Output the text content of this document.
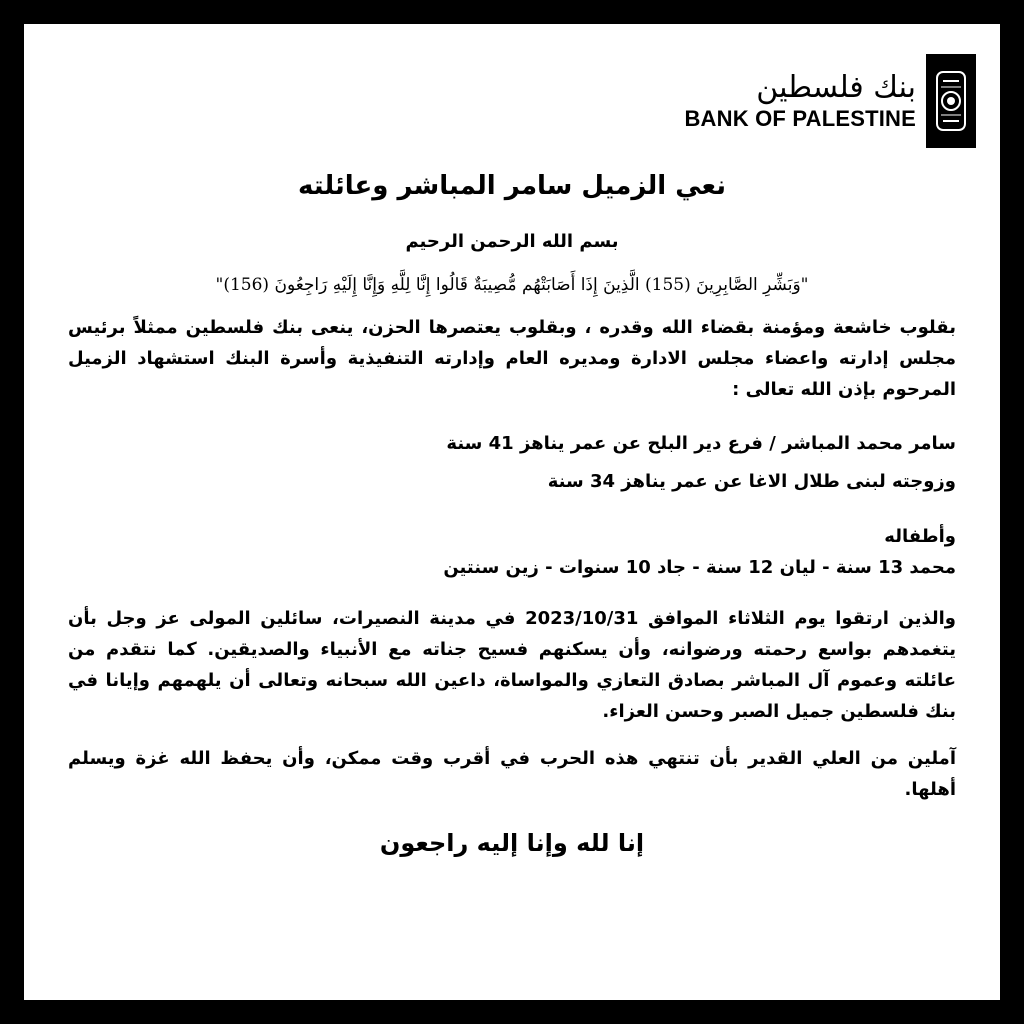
بنك فلسطين
BANK OF PALESTINE
نعي الزميل سامر المباشر وعائلته

بسم الله الرحمن الرحيم

"وَبَشِّرِ الصَّابِرِينَ (155) الَّذِينَ إِذَا أَصَابَتْهُم مُّصِيبَةٌ قَالُوا إِنَّا لِلَّهِ وَإِنَّا إِلَيْهِ رَاجِعُونَ (156)"

بقلوب خاشعة ومؤمنة بقضاء الله وقدره ، وبقلوب يعتصرها الحزن، ينعى بنك فلسطين ممثلاً برئيس مجلس إدارته واعضاء مجلس الادارة ومديره العام وإدارته التنفيذية وأسرة البنك استشهاد الزميل المرحوم بإذن الله تعالى :

سامر محمد المباشر / فرع دير البلح عن عمر يناهز 41 سنة

وزوجته لبنى طلال الاغا عن عمر يناهز 34 سنة

وأطفاله

محمد 13 سنة - ليان 12 سنة - جاد 10 سنوات - زين سنتين

والذين ارتقوا يوم الثلاثاء الموافق 2023/10/31 في مدينة النصيرات، سائلين المولى عز وجل بأن يتغمدهم بواسع رحمته ورضوانه، وأن يسكنهم فسيح جناته مع الأنبياء والصديقين. كما نتقدم من عائلته وعموم آل المباشر بصادق التعازي والمواساة، داعين الله سبحانه وتعالى أن يلهمهم وإيانا في بنك فلسطين جميل الصبر وحسن العزاء.

آملين من العلي القدير بأن تنتهي هذه الحرب في أقرب وقت ممكن، وأن يحفظ الله غزة ويسلم أهلها.

إنا لله وإنا إليه راجعون
